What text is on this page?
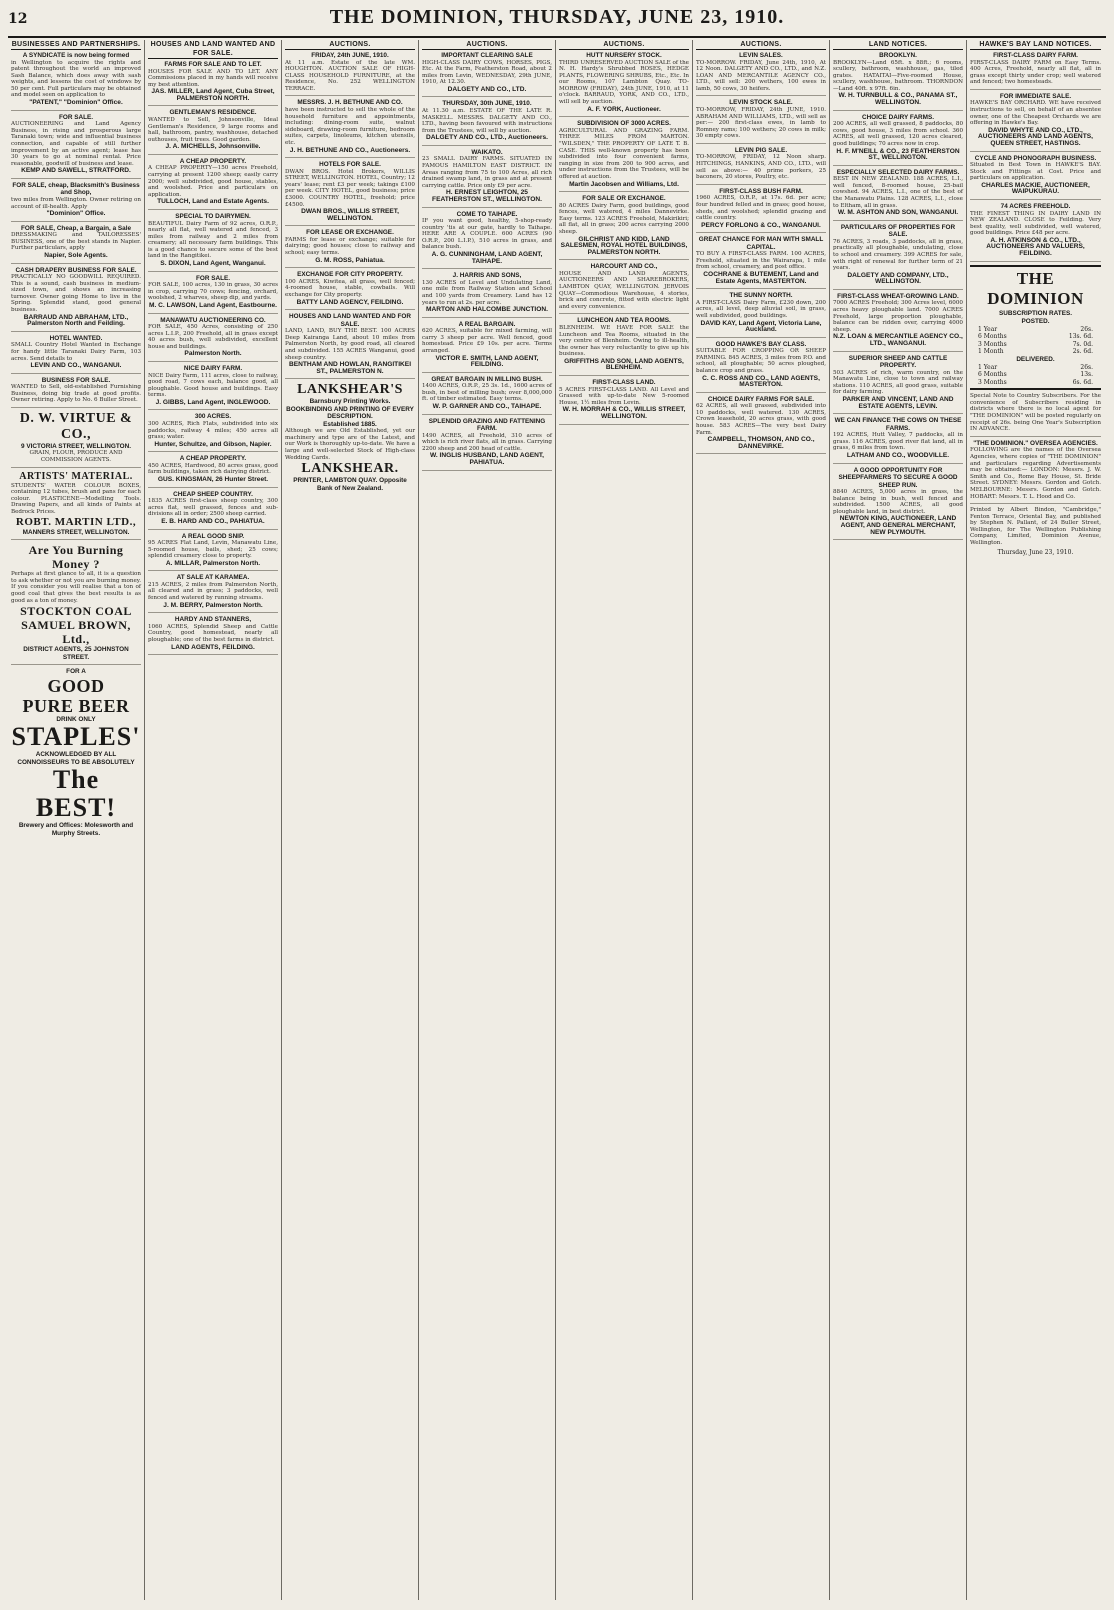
12	THE DOMINION, THURSDAY, JUNE 23, 1910.
BUSINESSES AND PARTNERSHIPS.
A SYNDICATE is now being formed
in Wellington to acquire the rights and patent throughout the world an improved Sash Balance, which does away with sash weights, and lessens the cost of windows by 50 per cent. Full particulars may be obtained and model seen on application to
"PATENT," "Dominion" Office.
FOR SALE.
AUCTIONEERING and Land Agency Business, in rising and prosperous large Taranaki town; wide and influential business connection, and capable of still further improvement by an active agent; lease has 30 years to go at nominal rental. Price reasonable, goodwill of business and lease.
KEMP AND SAWELL, STRATFORD.
FOR SALE, cheap, Blacksmith's Business and Shop,
two miles from Wellington. Owner retiring on account of ill-health. Apply
"Dominion" Office.
FOR SALE, Cheap, a Bargain, a Sale
DRESSMAKING and TAILORESSES' BUSINESS, one of the best stands in Napier. Further particulars, apply
Napier, Sole Agents.
CASH DRAPERY BUSINESS FOR SALE.
PRACTICALLY NO GOODWILL REQUIRED. This is a sound, cash business in medium-sized town, and shows an increasing turnover. Owner going Home to live in the Spring. Splendid stand, good general business.
BARRAUD AND ABRAHAM, LTD., Palmerston North and Feilding.
HOTEL WANTED.
SMALL Country Hotel Wanted in Exchange for handy little Taranaki Dairy Farm, 103 acres. Send details to
LEVIN AND CO., WANGANUI.
BUSINESS FOR SALE.
WANTED to Sell, old-established Furnishing Business, doing big trade at good profits. Owner retiring. Apply to No. 6 Buller Street.
D. W. VIRTUE & CO.,
9 VICTORIA STREET, WELLINGTON.
GRAIN, FLOUR, PRODUCE AND COMMISSION AGENTS.
ARTISTS' MATERIAL.
STUDENTS' WATER COLOUR BOXES, containing 12 tubes, brush and pans for each colour. PLASTICENE—Modelling Tools. Drawing Papers, and all kinds of Paints at Bedrock Prices.
ROBT. MARTIN LTD.,
MANNERS STREET, WELLINGTON.
Are You Burning Money ?
Perhaps at first glance to all, it is a question to ask whether or not you are burning money. If you consider you will realise that a ton of good coal that gives the best results is as good as a ton of money.
STOCKTON COAL
SAMUEL BROWN, Ltd.,
DISTRICT AGENTS, 25 JOHNSTON STREET.
FOR A
GOOD
PURE BEER
DRINK ONLY
STAPLES'
ACKNOWLEDGED BY ALL CONNOISSEURS TO BE ABSOLUTELY
The BEST!
Brewery and Offices: Molesworth and Murphy Streets.
HOUSES AND LAND WANTED AND FOR SALE.
FARMS FOR SALE AND TO LET.
HOUSES FOR SALE AND TO LET. ANY Commissions placed in my hands will receive my best attention.
JAS. MILLER, Land Agent, Cuba Street, PALMERSTON NORTH.
GENTLEMAN'S RESIDENCE.
WANTED to Sell, Johnsonville, Ideal Gentleman's Residence, 9 large rooms and hall, bathroom, pantry, washhouse, detached outhouses, fruit trees. Good garden.
J. A. MICHELLS, Johnsonville.
A CHEAP PROPERTY.
A CHEAP PROPERTY—150 acres Freehold, carrying at present 1200 sheep; easily carry 2000; well subdivided, good house, stables, and woolshed. Price and particulars on application.
TULLOCH, Land and Estate Agents.
SPECIAL TO DAIRYMEN.
BEAUTIFUL Dairy Farm of 92 acres, O.R.P., nearly all flat, well watered and fenced, 3 miles from railway and 2 miles from creamery; all necessary farm buildings. This is a good chance to secure some of the best land in the Rangitikei.
S. DIXON, Land Agent, Wanganui.
FOR SALE.
FOR SALE, 100 acres, 130 in grass, 30 acres in crop, carrying 70 cows; fencing, orchard, woolshed, 2 wharves, sheep dip, and yards.
M. C. LAWSON, Land Agent, Eastbourne.
MANAWATU AUCTIONEERING CO.
FOR SALE, 450 Acres, consisting of 250 acres L.I.P., 200 Freehold, all in grass except 40 acres bush, well subdivided, excellent house and buildings.
Palmerston North.
NICE DAIRY FARM.
NICE Dairy Farm, 111 acres, close to railway, good road, 7 cows each, balance good, all ploughable. Good house and buildings. Easy terms.
J. GIBBS, Land Agent, INGLEWOOD.
300 ACRES.
300 ACRES, Rich Flats, subdivided into six paddocks, railway 4 miles; 450 acres all grass; water.
Hunter, Schultze, and Gibson, Napier.
A CHEAP PROPERTY.
450 ACRES, Hardwood, 80 acres grass, good farm buildings, taken rich dairying district.
GUS. KINGSMAN, 26 Hunter Street.
CHEAP SHEEP COUNTRY.
1835 ACRES first-class sheep country, 300 acres flat, well grassed, fences and sub-divisions all in order; 2500 sheep carried.
E. B. HARD AND CO., PAHIATUA.
A REAL GOOD SNIP.
95 ACRES Flat Land, Levin, Manawatu Line, 5-roomed house, bails, shed; 25 cows; splendid creamery close to property.
A. MILLAR, Palmerston North.
AT SALE AT KARAMEA.
215 ACRES, 2 miles from Palmerston North, all cleared and in grass; 3 paddocks, well fenced and watered by running streams.
J. M. BERRY, Palmerston North.
HARDY AND STANNERS,
1060 ACRES, Splendid Sheep and Cattle Country, good homestead, nearly all ploughable; one of the best farms in district.
LAND AGENTS, FEILDING.
AUCTIONS.
FRIDAY, 24th JUNE, 1910.
At 11 a.m. Estate of the late WM. HOUGHTON. AUCTION SALE OF HIGH-CLASS HOUSEHOLD FURNITURE, at the Residence, No. 252 WELLINGTON TERRACE.
MESSRS. J. H. BETHUNE AND CO.
have been instructed to sell the whole of the household furniture and appointments, including: dining-room suite, walnut sideboard, drawing-room furniture, bedroom suites, carpets, linoleums, kitchen utensils, etc.
J. H. BETHUNE AND CO., Auctioneers.
HOTELS FOR SALE.
DWAN BROS. Hotel Brokers, WILLIS STREET, WELLINGTON. HOTEL, Country; 12 years' lease; rent £3 per week; takings £100 per week. CITY HOTEL, good business; price £3000. COUNTRY HOTEL, freehold; price £4500.
DWAN BROS., WILLIS STREET, WELLINGTON.
FOR LEASE OR EXCHANGE.
FARMS for lease or exchange; suitable for dairying; good houses; close to railway and school; easy terms.
G. M. ROSS, Pahiatua.
EXCHANGE FOR CITY PROPERTY.
100 ACRES, Kiwitea, all grass, well fenced; 4-roomed house, stable, cowbails. Will exchange for City property.
BATTY LAND AGENCY, FEILDING.
HOUSES AND LAND WANTED AND FOR SALE.
LAND, LAND, BUY THE BEST. 100 ACRES Deep Kairanga Land, about 10 miles from Palmerston North, by good road, all cleared and subdivided. 155 ACRES Wanganui, good sheep country.
BENTHAM AND HOWLAN, RANGITIKEI ST., PALMERSTON N.
LANKSHEAR'S
Barnsbury Printing Works.
BOOKBINDING AND PRINTING OF EVERY DESCRIPTION.
Established 1885.
Although we are Old Established, yet our machinery and type are of the Latest, and our Work is thoroughly up-to-date. We have a large and well-selected Stock of High-class Wedding Cards.
LANKSHEAR.
PRINTER, LAMBTON QUAY. Opposite Bank of New Zealand.
AUCTIONS.
IMPORTANT CLEARING SALE
HIGH-CLASS DAIRY COWS, HORSES, PIGS, Etc. At the Farm, Featherston Road, about 2 miles from Levin, WEDNESDAY, 29th JUNE, 1910, At 12.30.
DALGETY AND CO., LTD.
THURSDAY, 30th JUNE, 1910.
At 11.30 a.m. ESTATE OF THE LATE R. MASKELL. MESSRS. DALGETY AND CO., LTD., having been favoured with instructions from the Trustees, will sell by auction.
DALGETY AND CO., LTD., Auctioneers.
WAIKATO.
23 SMALL DAIRY FARMS. SITUATED IN FAMOUS HAMILTON EAST DISTRICT. IN Areas ranging from 75 to 100 Acres, all rich drained swamp land, in grass and at present carrying cattle. Price only £9 per acre.
H. ERNEST LEIGHTON, 25 FEATHERSTON ST., WELLINGTON.
COME TO TAIHAPE.
IF you want good, healthy, 5-shop-ready country 'tis at our gate, hardly to Taihape. HERE ARE A COUPLE. 600 ACRES (90 O.R.P., 200 L.I.P.), 510 acres in grass, and balance bush.
A. G. CUNNINGHAM, LAND AGENT, TAIHAPE.
J. HARRIS AND SONS,
130 ACRES of Level and Undulating Land, one mile from Railway Station and School and 100 yards from Creamery. Land has 12 years to run at 2s. per acre.
MARTON AND HALCOMBE JUNCTION.
A REAL BARGAIN.
620 ACRES, suitable for mixed farming, will carry 3 sheep per acre. Well fenced, good homestead. Price £9 10s. per acre. Terms arranged.
VICTOR E. SMITH, LAND AGENT, FEILDING.
GREAT BARGAIN IN MILLING BUSH.
1400 ACRES, O.R.P., 25 3s. 1d., 1600 acres of bush, in best of milling bush; over 8,000,000 ft. of timber estimated. Easy terms.
W. P. GARNER AND CO., TAIHAPE.
SPLENDID GRAZING AND FATTENING FARM.
1490 ACRES, all Freehold, 310 acres of which is rich river flats, all in grass. Carrying 2200 sheep and 200 head of cattle.
W. INGLIS HUSBAND, LAND AGENT, PAHIATUA.
AUCTIONS.
HUTT NURSERY STOCK.
THIRD UNRESERVED AUCTION SALE of the N. H. Hardy's Shrubbed ROSES, HEDGE PLANTS, FLOWERING SHRUBS, Etc., Etc. In our Rooms, 107 Lambton Quay. TO-MORROW (FRIDAY), 24th JUNE, 1910, at 11 o'clock. BARRAUD, YORK, AND CO., LTD., will sell by auction.
A. F. YORK, Auctioneer.
SUBDIVISION OF 3000 ACRES.
AGRICULTURAL AND GRAZING FARM. THREE MILES FROM MARTON. "WILSDEN," THE PROPERTY OF LATE T. B. CASE. THIS well-known property has been subdivided into four convenient farms, ranging in size from 200 to 900 acres, and under instructions from the Trustees, will be offered at auction.
Martin Jacobsen and Williams, Ltd.
FOR SALE OR EXCHANGE.
80 ACRES Dairy Farm, good buildings, good fences, well watered, 4 miles Dannevirke. Easy terms. 123 ACRES Freehold, Makirikiri; all flat, all in grass; 200 acres carrying 2000 sheep.
GILCHRIST AND KIDD, LAND SALESMEN, ROYAL HOTEL BUILDINGS, PALMERSTON NORTH.
HARCOURT AND CO.,
HOUSE AND LAND AGENTS, AUCTIONEERS AND SHAREBROKERS, LAMBTON QUAY, WELLINGTON. JERVOIS QUAY—Commodious Warehouse, 4 stories, brick and concrete, fitted with electric light and every convenience.
LUNCHEON AND TEA ROOMS.
BLENHEIM. WE HAVE FOR SALE the Luncheon and Tea Rooms, situated in the very centre of Blenheim. Owing to ill-health, the owner has very reluctantly to give up his business.
GRIFFITHS AND SON, LAND AGENTS, BLENHEIM.
FIRST-CLASS LAND.
5 ACRES FIRST-CLASS LAND. All Level and Grassed with up-to-date New 5-roomed House, 1½ miles from Levin.
W. H. MORRAH & CO., WILLIS STREET, WELLINGTON.
AUCTIONS.
LEVIN SALES.
TO-MORROW. FRIDAY, June 24th, 1910, At 12 Noon. DALGETY AND CO., LTD., and N.Z. LOAN AND MERCANTILE AGENCY CO., LTD., will sell: 200 wethers, 100 ewes in lamb, 50 cows, 30 heifers.
LEVIN STOCK SALE.
TO-MORROW, FRIDAY, 24th JUNE, 1910. ABRAHAM AND WILLIAMS, LTD., will sell as per:— 200 first-class ewes, in lamb to Romney rams; 100 wethers; 20 cows in milk; 30 empty cows.
LEVIN PIG SALE.
TO-MORROW, FRIDAY, 12 Noon sharp. HITCHINGS, HANKINS, AND CO., LTD., will sell as above:— 40 prime porkers, 25 baconers, 20 stores, Poultry, etc.
FIRST-CLASS BUSH FARM.
1960 ACRES, O.R.P., at 17s. 6d. per acre; four hundred felled and in grass; good house, sheds, and woolshed; splendid grazing and cattle country.
PERCY FORLONG & CO., WANGANUI.
GREAT CHANCE FOR MAN WITH SMALL CAPITAL.
TO BUY A FIRST-CLASS FARM. 100 ACRES, Freehold, situated in the Wairarapa, 1 mile from school, creamery, and post office.
COCHRANE & BUTEMENT, Land and Estate Agents, MASTERTON.
THE SUNNY NORTH.
A FIRST-CLASS Dairy Farm, £230 down, 200 acres, all level, deep alluvial soil, in grass, well subdivided, good buildings.
DAVID KAY, Land Agent, Victoria Lane, Auckland.
GOOD HAWKE'S BAY CLASS.
SUITABLE FOR CROPPING OR SHEEP FARMING. 845 ACRES, 3 miles from P.O. and school, all ploughable; 50 acres ploughed, balance crop and grass.
C. C. ROSS AND CO., LAND AGENTS, MASTERTON.
CHOICE DAIRY FARMS FOR SALE.
62 ACRES, all well grassed, subdivided into 10 paddocks, well watered. 130 ACRES, Crown leasehold, 20 acres grass, with good house. 583 ACRES—The very best Dairy Farm.
CAMPBELL, THOMSON, AND CO., DANNEVIRKE.
LAND NOTICES.
BROOKLYN.
BROOKLYN—Land 65ft. x 88ft.; 6 rooms, scullery, bathroom, washhouse, gas, tiled grates. HATAITAI—Five-roomed House, scullery, washhouse, bathroom. THORNDON—Land 40ft. x 97ft. 6in.
W. H. TURNBULL & CO., PANAMA ST., WELLINGTON.
CHOICE DAIRY FARMS.
200 ACRES, all well grassed, 8 paddocks, 80 cows, good house, 3 miles from school. 360 ACRES, all well grassed, 120 acres cleared, good buildings; 70 acres now in crop.
H. F. M'NEILL & CO., 23 FEATHERSTON ST., WELLINGTON.
ESPECIALLY SELECTED DAIRY FARMS.
BEST IN NEW ZEALAND. 188 ACRES, L.I., well fenced, 8-roomed house, 25-bail cowshed. 94 ACRES, L.I., one of the best of the Manawatu Plains. 128 ACRES, L.I., close to Eltham, all in grass.
W. M. ASHTON AND SON, WANGANUI.
PARTICULARS OF PROPERTIES FOR SALE.
76 ACRES, 3 roads, 3 paddocks, all in grass, practically all ploughable, undulating, close to school and creamery. 399 ACRES for sale, with right of renewal for further term of 21 years.
DALGETY AND COMPANY, LTD., WELLINGTON.
FIRST-CLASS WHEAT-GROWING LAND.
7000 ACRES Freehold; 300 Acres level, 6000 acres heavy ploughable land. 7000 ACRES Freehold, large proportion ploughable, balance can be ridden over, carrying 4000 sheep.
N.Z. LOAN & MERCANTILE AGENCY CO., LTD., WANGANUI.
SUPERIOR SHEEP AND CATTLE PROPERTY.
503 ACRES of rich, warm country, on the Manawatu Line, close to town and railway stations. 110 ACRES, all good grass, suitable for dairy farming.
PARKER AND VINCENT, LAND AND ESTATE AGENTS, LEVIN.
WE CAN FINANCE THE COWS ON THESE FARMS.
192 ACRES, Hutt Valley, 7 paddocks, all in grass. 116 ACRES, good river flat land, all in grass, 6 miles from town.
LATHAM AND CO., WOODVILLE.
A GOOD OPPORTUNITY FOR SHEEPFARMERS TO SECURE A GOOD SHEEP RUN.
8840 ACRES, 5,000 acres in grass, the balance being in bush, well fenced and subdivided. 1500 ACRES, all good ploughable land, in best district.
NEWTON KING, AUCTIONEER, LAND AGENT, AND GENERAL MERCHANT, NEW PLYMOUTH.
HAWKE'S BAY LAND NOTICES.
FIRST-CLASS DAIRY FARM.
FIRST-CLASS DAIRY FARM on Easy Terms. 400 Acres, Freehold, nearly all flat, all in grass except thirty under crop; well watered and fenced; two homesteads.
FOR IMMEDIATE SALE.
HAWKE'S BAY ORCHARD. WE have received instructions to sell, on behalf of an absentee owner, one of the Cheapest Orchards we are offering in Hawke's Bay.
DAVID WHYTE AND CO., LTD., AUCTIONEERS AND LAND AGENTS, QUEEN STREET, HASTINGS.
CYCLE AND PHONOGRAPH BUSINESS.
Situated in Best Town in HAWKE'S BAY. Stock and Fittings at Cost. Price and particulars on application.
CHARLES MACKIE, AUCTIONEER, WAIPUKURAU.
74 ACRES FREEHOLD.
THE FINEST THING IN DAIRY LAND IN NEW ZEALAND. CLOSE to Feilding. Very best quality, well subdivided, well watered, good buildings. Price £48 per acre.
A. H. ATKINSON & CO., LTD., AUCTIONEERS AND VALUERS, FEILDING.
THE DOMINION
SUBSCRIPTION RATES.
POSTED.
1 Year	26s.
6 Months	13s. 6d.
3 Months	7s. 0d.
1 Month	2s. 6d.
DELIVERED.
1 Year	26s.
6 Months	13s.
3 Months	6s. 6d.
Special Note to Country Subscribers. For the convenience of Subscribers residing in districts where there is no local agent for "THE DOMINION" will be posted regularly on receipt of 26s. being One Year's Subscription IN ADVANCE.
"THE DOMINION." OVERSEA AGENCIES.
FOLLOWING are the names of the Oversea Agencies, where copies of "THE DOMINION" and particulars regarding Advertisements may be obtained:— LONDON: Messrs. J. W. Smith and Co., Rome Bay House, St. Bride Street. SYDNEY: Messrs. Gordon and Gotch. MELBOURNE: Messrs. Gordon and Gotch. HOBART: Messrs. T. L. Hood and Co.
Printed by Albert Bindon, "Cambridge," Fenton Terrace, Oriental Bay, and published by Stephen N. Pallant, of 24 Buller Street, Wellington, for The Wellington Publishing Company, Limited, Dominion Avenue, Wellington.
Thursday, June 23, 1910.
